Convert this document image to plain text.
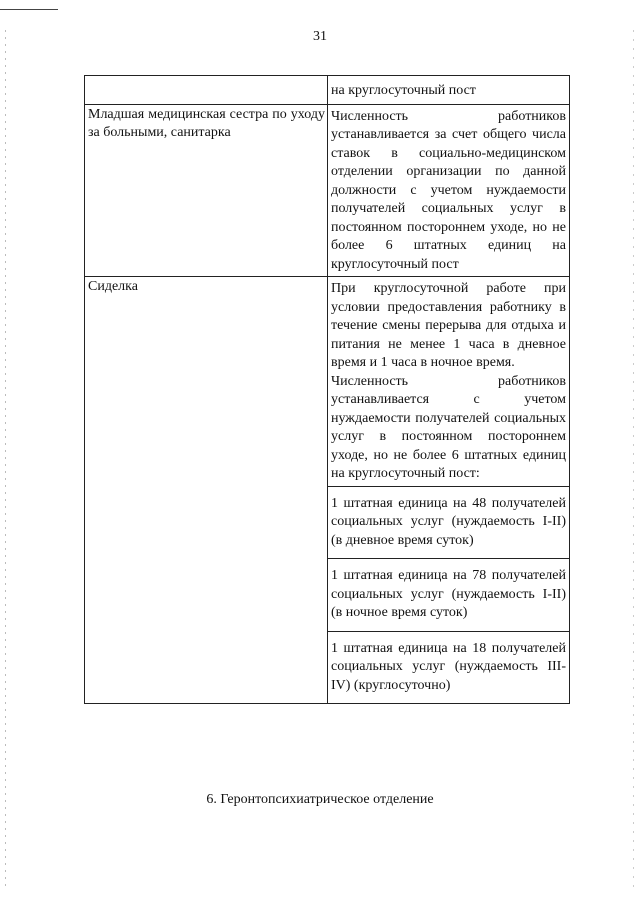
31

	на круглосуточный пост

Младшая медицинская сестра по уходу за больными, санитарка	Численность работников устанавливается за счет общего числа ставок в социально-медицинском отделении организации по данной должности с учетом нуждаемости получателей социальных услуг в постоянном постороннем уходе, но не более 6 штатных единиц на круглосуточный пост

Сиделка	При круглосуточной работе при условии предоставления работнику в течение смены перерыва для отдыха и питания не менее 1 часа в дневное время и 1 часа в ночное время.
Численность работников устанавливается с учетом нуждаемости получателей социальных услуг в постоянном постороннем уходе, но не более 6 штатных единиц
на круглосуточный пост:

	1 штатная единица на 48 получателей социальных услуг (нуждаемость I-II) (в дневное время суток)

	1 штатная единица на 78 получателей социальных услуг (нуждаемость I-II) (в ночное время суток)

	1 штатная единица на 18 получателей социальных услуг (нуждаемость III-IV) (круглосуточно)
6. Геронтопсихиатрическое отделение
